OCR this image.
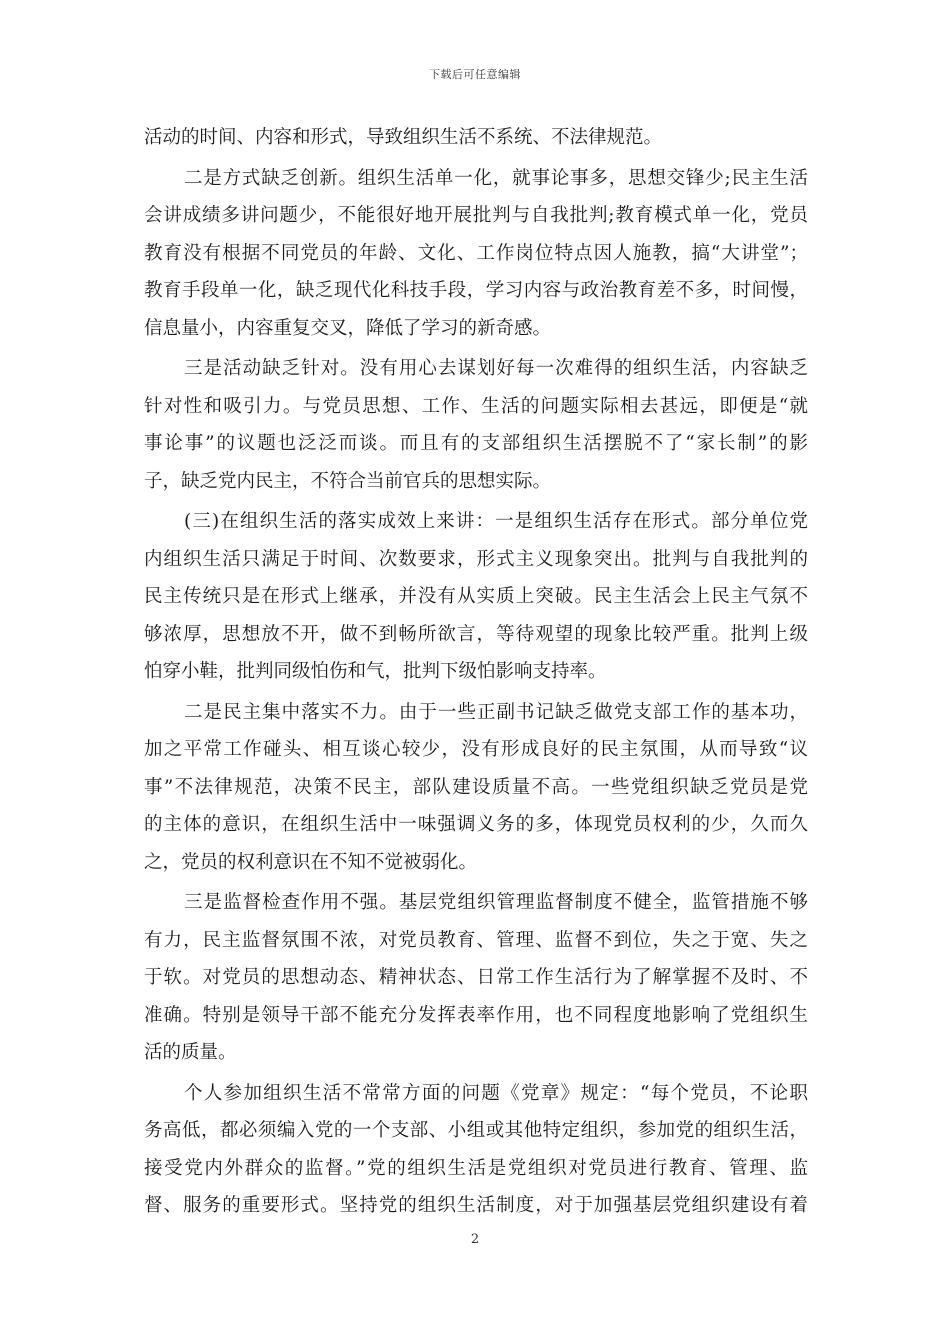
下载后可任意编辑
活动的时间、内容和形式，导致组织生活不系统、不法律规范。
二是方式缺乏创新。组织生活单一化，就事论事多，思想交锋少;民主生活
会讲成绩多讲问题少，不能很好地开展批判与自我批判;教育模式单一化，党员
教育没有根据不同党员的年龄、文化、工作岗位特点因人施教，搞“大讲堂”；
教育手段单一化，缺乏现代化科技手段，学习内容与政治教育差不多，时间慢，
信息量小，内容重复交叉，降低了学习的新奇感。
三是活动缺乏针对。没有用心去谋划好每一次难得的组织生活，内容缺乏
针对性和吸引力。与党员思想、工作、生活的问题实际相去甚远，即便是“就
事论事”的议题也泛泛而谈。而且有的支部组织生活摆脱不了“家长制”的影
子，缺乏党内民主，不符合当前官兵的思想实际。
(三)在组织生活的落实成效上来讲：一是组织生活存在形式。部分单位党
内组织生活只满足于时间、次数要求，形式主义现象突出。批判与自我批判的
民主传统只是在形式上继承，并没有从实质上突破。民主生活会上民主气氛不
够浓厚，思想放不开，做不到畅所欲言，等待观望的现象比较严重。批判上级
怕穿小鞋，批判同级怕伤和气，批判下级怕影响支持率。
二是民主集中落实不力。由于一些正副书记缺乏做党支部工作的基本功，
加之平常工作碰头、相互谈心较少，没有形成良好的民主氛围，从而导致“议
事”不法律规范，决策不民主，部队建设质量不高。一些党组织缺乏党员是党
的主体的意识，在组织生活中一味强调义务的多，体现党员权利的少，久而久
之，党员的权利意识在不知不觉被弱化。
三是监督检查作用不强。基层党组织管理监督制度不健全，监管措施不够
有力，民主监督氛围不浓，对党员教育、管理、监督不到位，失之于宽、失之
于软。对党员的思想动态、精神状态、日常工作生活行为了解掌握不及时、不
准确。特别是领导干部不能充分发挥表率作用，也不同程度地影响了党组织生
活的质量。
个人参加组织生活不常常方面的问题《党章》规定：“每个党员，不论职
务高低，都必须编入党的一个支部、小组或其他特定组织，参加党的组织生活，
接受党内外群众的监督。”党的组织生活是党组织对党员进行教育、管理、监
督、服务的重要形式。坚持党的组织生活制度，对于加强基层党组织建设有着
2
